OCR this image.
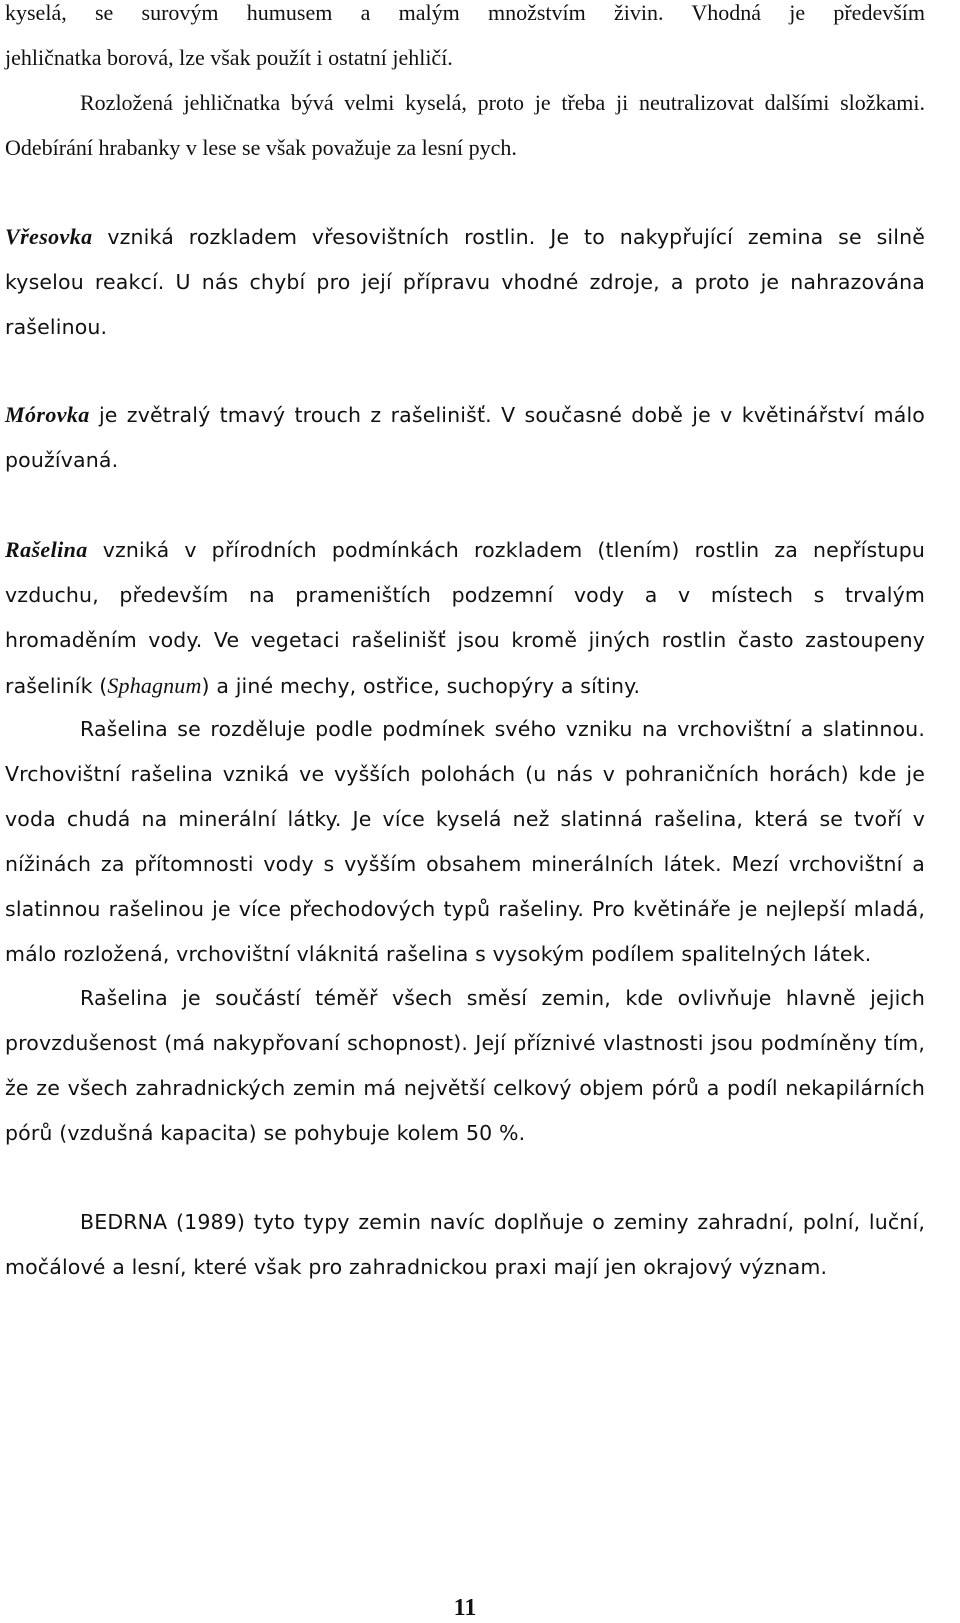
kyselá, se surovým humusem a malým množstvím živin. Vhodná je především
jehličnatka borová, lze však použít i ostatní jehličí.

Rozložená jehličnatka bývá velmi kyselá, proto je třeba ji neutralizovat dalšími složkami. Odebírání hrabanky v lese se však považuje za lesní pych.

Vřesovka vzniká rozkladem vřesovištních rostlin. Je to nakypřující zemina se silně kyselou reakcí. U nás chybí pro její přípravu vhodné zdroje, a proto je nahrazována rašelinou.

Mórovka je zvětralý tmavý trouch z rašelinišť. V současné době je v květinářství málo používaná.

Rašelina vzniká v přírodních podmínkách rozkladem (tlením) rostlin za nepřístupu vzduchu, především na prameništích podzemní vody a v místech s trvalým hromaděním vody. Ve vegetaci rašelinišť jsou kromě jiných rostlin často zastoupeny rašeliník (Sphagnum) a jiné mechy, ostřice, suchopýry a sítiny.

Rašelina se rozděluje podle podmínek svého vzniku na vrchovištní a slatinnou. Vrchovištní rašelina vzniká ve vyšších polohách (u nás v pohraničních horách) kde je voda chudá na minerální látky. Je více kyselá než slatinná rašelina, která se tvoří v nížinách za přítomnosti vody s vyšším obsahem minerálních látek. Mezí vrchovištní a slatinnou rašelinou je více přechodových typů rašeliny. Pro květináře je nejlepší mladá, málo rozložená, vrchovištní vláknitá rašelina s vysokým podílem spalitelných látek.

Rašelina je součástí téměř všech směsí zemin, kde ovlivňuje hlavně jejich provzdušenost (má nakypřovaní schopnost). Její příznivé vlastnosti jsou podmíněny tím, že ze všech zahradnických zemin má největší celkový objem pórů a podíl nekapilárních pórů (vzdušná kapacita) se pohybuje kolem 50 %.

BEDRNA (1989) tyto typy zemin navíc doplňuje o zeminy zahradní, polní, luční, močálové a lesní, které však pro zahradnickou praxi mají jen okrajový význam.

11
